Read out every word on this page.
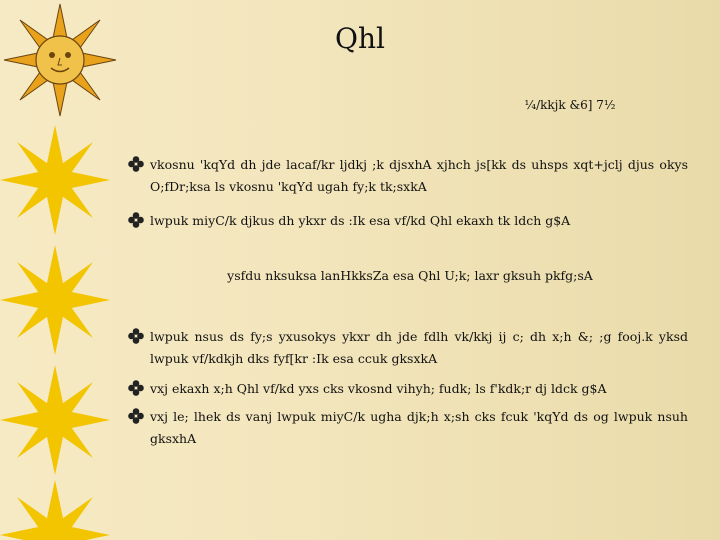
Qhl
¼/kkjk &6] 7½
vkosnu 'kqYd dh jde lacaf/kr ljdkj ;k djsxhA xjhch js[kk ds uhsps xqt+jclj djus okys O;fDr;ksa ls vkosnu 'kqYd ugah fy;k tk;sxkA
lwpuk miyC/k djkus dh ykxr ds :Ik esa vf/kd Qhl ekaxh tk ldch g$A
ysfdu nksuksa lanHkksZa esa Qhl U;k; laxr gksuh pkfg;sA
lwpuk nsus ds fy;s yxusokys ykxr dh jde fdlh vk/kkj ij c; dh x;h &; ;g fooj.k yksd lwpuk vf/kdkjh dks fyf[kr :Ik esa ccuk gksxkA
vxj ekaxh x;h Qhl vf/kd yxs cks vkosnd vihyh; fudk; ls f'kdk;r dj ldck g$A
vxj le; lhek ds vanj lwpuk miyC/k ugha djk;h x;sh cks fcuk 'kqYd ds og lwpuk nsuh gksxhA
